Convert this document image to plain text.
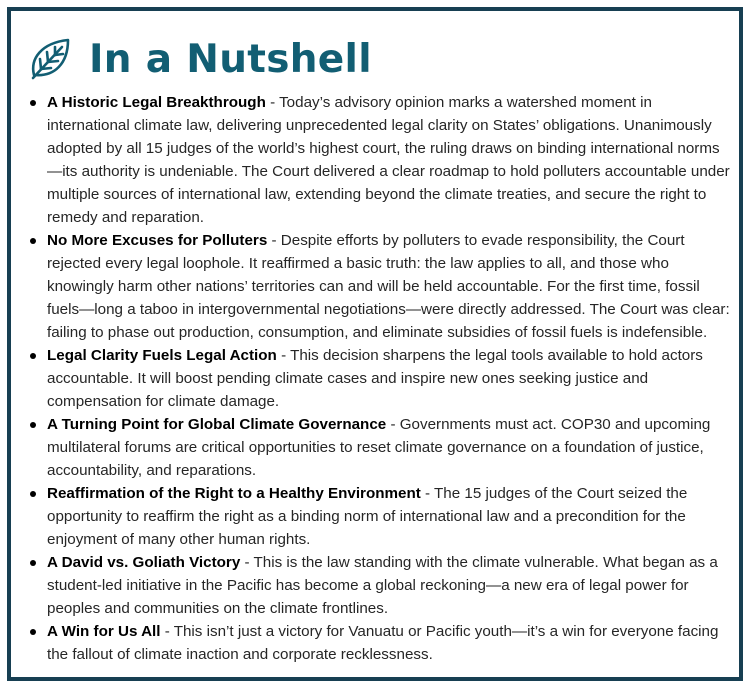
In a Nutshell
A Historic Legal Breakthrough - Today’s advisory opinion marks a watershed moment in international climate law, delivering unprecedented legal clarity on States’ obligations. Unanimously adopted by all 15 judges of the world’s highest court, the ruling draws on binding international norms—its authority is undeniable. The Court delivered a clear roadmap to hold polluters accountable under multiple sources of international law, extending beyond the climate treaties, and secure the right to remedy and reparation.
No More Excuses for Polluters - Despite efforts by polluters to evade responsibility, the Court rejected every legal loophole. It reaffirmed a basic truth: the law applies to all, and those who knowingly harm other nations’ territories can and will be held accountable. For the first time, fossil fuels—long a taboo in intergovernmental negotiations—were directly addressed. The Court was clear: failing to phase out production, consumption, and eliminate subsidies of fossil fuels is indefensible.
Legal Clarity Fuels Legal Action - This decision sharpens the legal tools available to hold actors accountable. It will boost pending climate cases and inspire new ones seeking justice and compensation for climate damage.
A Turning Point for Global Climate Governance - Governments must act. COP30 and upcoming multilateral forums are critical opportunities to reset climate governance on a foundation of justice, accountability, and reparations.
Reaffirmation of the Right to a Healthy Environment - The 15 judges of the Court seized the opportunity to reaffirm the right as a binding norm of international law and a precondition for the enjoyment of many other human rights.
A David vs. Goliath Victory - This is the law standing with the climate vulnerable. What began as a student-led initiative in the Pacific has become a global reckoning—a new era of legal power for peoples and communities on the climate frontlines.
A Win for Us All - This isn’t just a victory for Vanuatu or Pacific youth—it’s a win for everyone facing the fallout of climate inaction and corporate recklessness.
